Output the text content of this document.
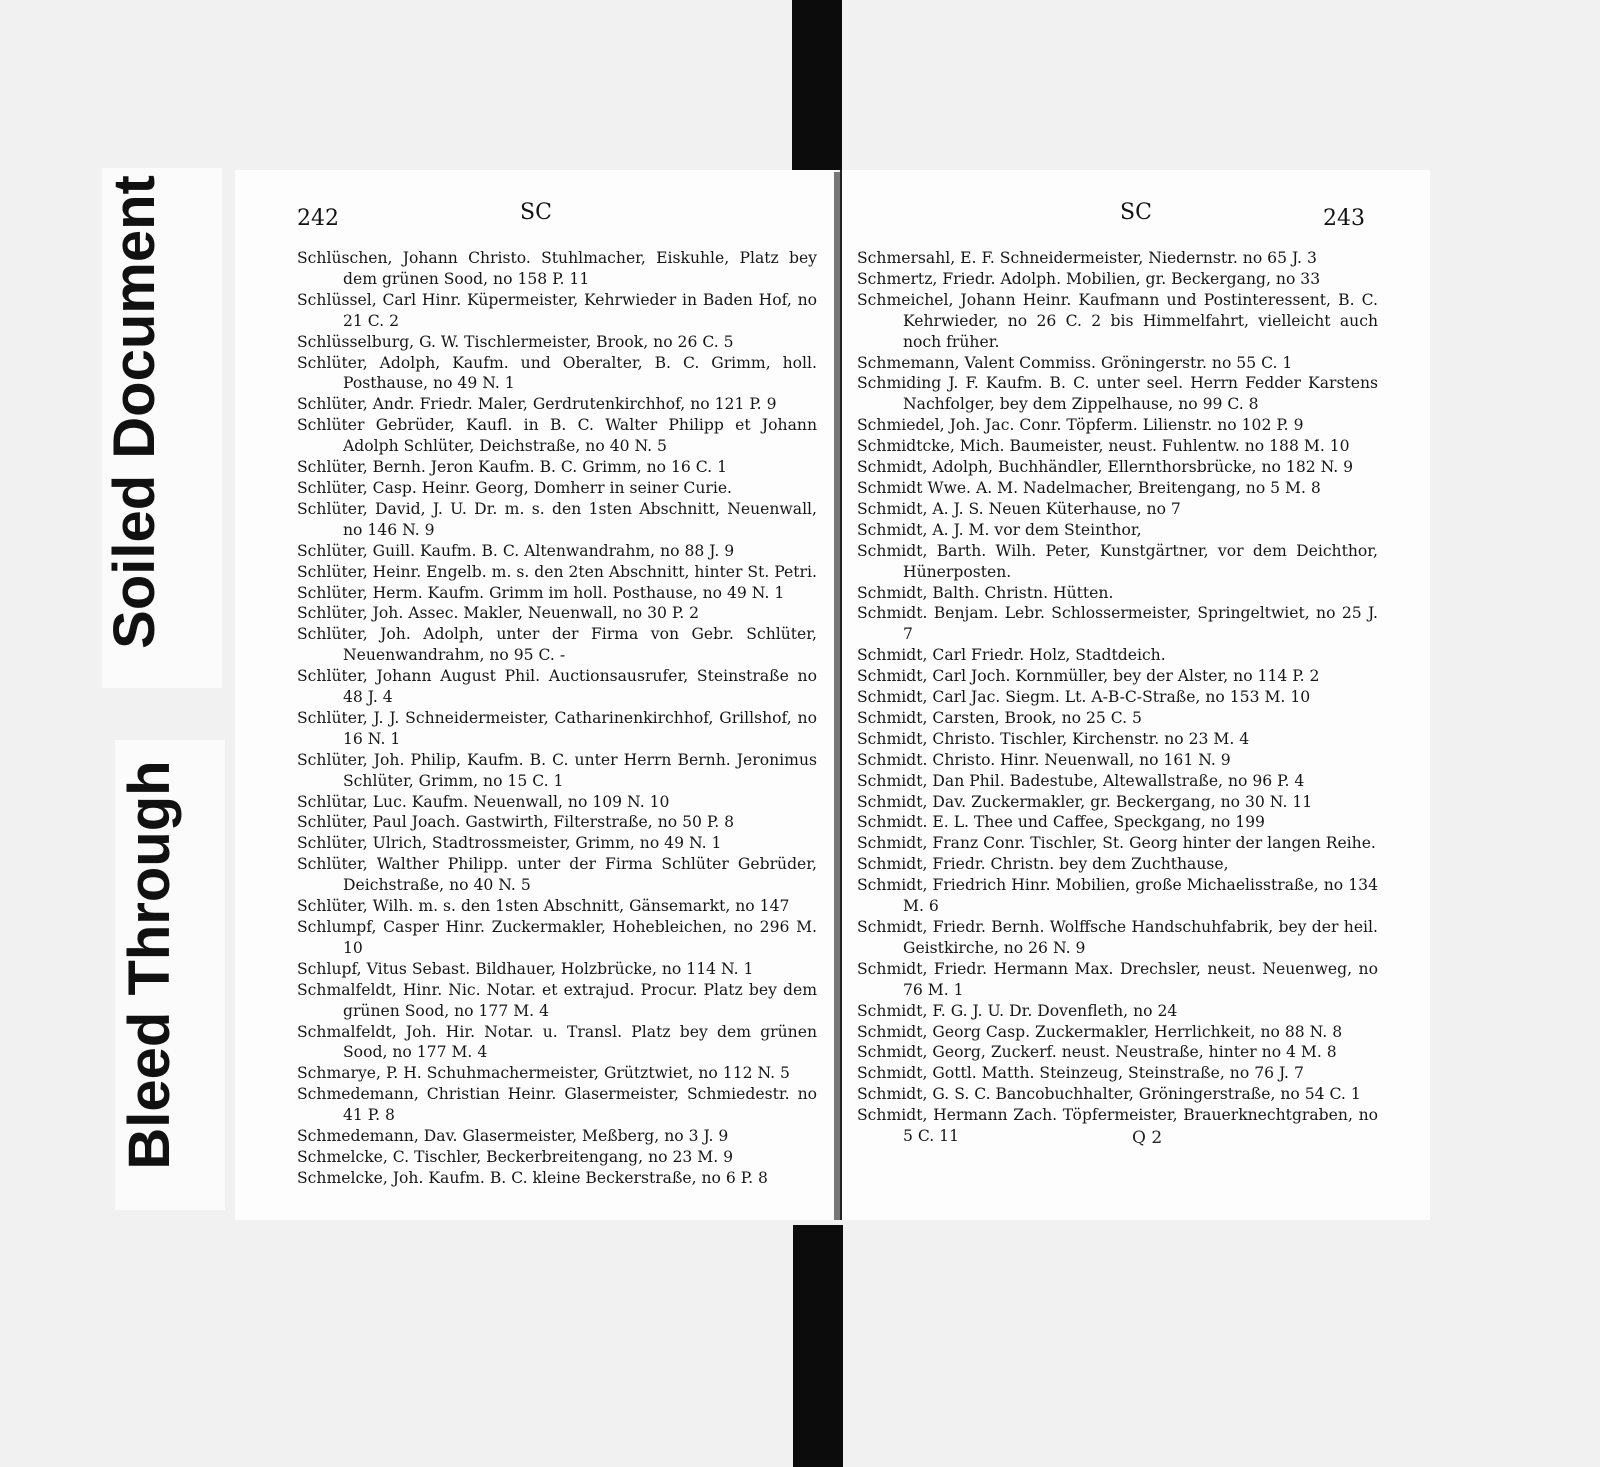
Soiled Document
Bleed Through
242	SC
Schlüschen, Johann Christo. Stuhlmacher, Eiskuhle, Platz bey dem grünen Sood, no 158 P. 11
Schlüssel, Carl Hinr. Küpermeister, Kehrwieder in Baden Hof, no 21 C. 2
Schlüsselburg, G. W. Tischlermeister, Brook, no 26 C. 5
Schlüter, Adolph, Kaufm. und Oberalter, B. C. Grimm, holl. Posthause, no 49 N. 1
Schlüter, Andr. Friedr. Maler, Gerdrutenkirchhof, no 121 P. 9
Schlüter Gebrüder, Kaufl. in B. C. Walter Philipp et Johann Adolph Schlüter, Deichstraße, no 40 N. 5
Schlüter, Bernh. Jeron Kaufm. B. C. Grimm, no 16 C. 1
Schlüter, Casp. Heinr. Georg, Domherr in seiner Curie.
Schlüter, David, J. U. Dr. m. s. den 1sten Abschnitt, Neuenwall, no 146 N. 9
Schlüter, Guill. Kaufm. B. C. Altenwandrahm, no 88 J. 9
Schlüter, Heinr. Engelb. m. s. den 2ten Abschnitt, hinter St. Petri.
Schlüter, Herm. Kaufm. Grimm im holl. Posthause, no 49 N. 1
Schlüter, Joh. Assec. Makler, Neuenwall, no 30 P. 2
Schlüter, Joh. Adolph, unter der Firma von Gebr. Schlüter, Neuenwandrahm, no 95 C. -
Schlüter, Johann August Phil. Auctionsausrufer, Steinstraße no 48 J. 4
Schlüter, J. J. Schneidermeister, Catharinenkirchhof, Grillshof, no 16 N. 1
Schlüter, Joh. Philip, Kaufm. B. C. unter Herrn Bernh. Jeronimus Schlüter, Grimm, no 15 C. 1
Schlütar, Luc. Kaufm. Neuenwall, no 109 N. 10
Schlüter, Paul Joach. Gastwirth, Filterstraße, no 50 P. 8
Schlüter, Ulrich, Stadtrossmeister, Grimm, no 49 N. 1
Schlüter, Walther Philipp. unter der Firma Schlüter Gebrüder, Deichstraße, no 40 N. 5
Schlüter, Wilh. m. s. den 1sten Abschnitt, Gänsemarkt, no 147
Schlumpf, Casper Hinr. Zuckermakler, Hohebleichen, no 296 M. 10
Schlupf, Vitus Sebast. Bildhauer, Holzbrücke, no 114 N. 1
Schmalfeldt, Hinr. Nic. Notar. et extrajud. Procur. Platz bey dem grünen Sood, no 177 M. 4
Schmalfeldt, Joh. Hir. Notar. u. Transl. Platz bey dem grünen Sood, no 177 M. 4
Schmarye, P. H. Schuhmachermeister, Grütztwiet, no 112 N. 5
Schmedemann, Christian Heinr. Glasermeister, Schmiedestr. no 41 P. 8
Schmedemann, Dav. Glasermeister, Meßberg, no 3 J. 9
Schmelcke, C. Tischler, Beckerbreitengang, no 23 M. 9
Schmelcke, Joh. Kaufm. B. C. kleine Beckerstraße, no 6 P. 8
SC	243
Schmersahl, E. F. Schneidermeister, Niedernstr. no 65 J. 3
Schmertz, Friedr. Adolph. Mobilien, gr. Beckergang, no 33
Schmeichel, Johann Heinr. Kaufmann und Postinteressent, B. C. Kehrwieder, no 26 C. 2 bis Himmelfahrt, vielleicht auch noch früher.
Schmemann, Valent Commiss. Gröningerstr. no 55 C. 1
Schmiding J. F. Kaufm. B. C. unter seel. Herrn Fedder Karstens Nachfolger, bey dem Zippelhause, no 99 C. 8
Schmiedel, Joh. Jac. Conr. Töpferm. Lilienstr. no 102 P. 9
Schmidtcke, Mich. Baumeister, neust. Fuhlentw. no 188 M. 10
Schmidt, Adolph, Buchhändler, Ellernthorsbrücke, no 182 N. 9
Schmidt Wwe. A. M. Nadelmacher, Breitengang, no 5 M. 8
Schmidt, A. J. S. Neuen Küterhause, no 7
Schmidt, A. J. M. vor dem Steinthor,
Schmidt, Barth. Wilh. Peter, Kunstgärtner, vor dem Deichthor, Hünerposten.
Schmidt, Balth. Christn. Hütten.
Schmidt. Benjam. Lebr. Schlossermeister, Springeltwiet, no 25 J. 7
Schmidt, Carl Friedr. Holz, Stadtdeich.
Schmidt, Carl Joch. Kornmüller, bey der Alster, no 114 P. 2
Schmidt, Carl Jac. Siegm. Lt. A-B-C-Straße, no 153 M. 10
Schmidt, Carsten, Brook, no 25 C. 5
Schmidt, Christo. Tischler, Kirchenstr. no 23 M. 4
Schmidt. Christo. Hinr. Neuenwall, no 161 N. 9
Schmidt, Dan Phil. Badestube, Altewallstraße, no 96 P. 4
Schmidt, Dav. Zuckermakler, gr. Beckergang, no 30 N. 11
Schmidt. E. L. Thee und Caffee, Speckgang, no 199
Schmidt, Franz Conr. Tischler, St. Georg hinter der langen Reihe.
Schmidt, Friedr. Christn. bey dem Zuchthause,
Schmidt, Friedrich Hinr. Mobilien, große Michaelisstraße, no 134 M. 6
Schmidt, Friedr. Bernh. Wolffsche Handschuhfabrik, bey der heil. Geistkirche, no 26 N. 9
Schmidt, Friedr. Hermann Max. Drechsler, neust. Neuenweg, no 76 M. 1
Schmidt, F. G. J. U. Dr. Dovenfleth, no 24
Schmidt, Georg Casp. Zuckermakler, Herrlichkeit, no 88 N. 8
Schmidt, Georg, Zuckerf. neust. Neustraße, hinter no 4 M. 8
Schmidt, Gottl. Matth. Steinzeug, Steinstraße, no 76 J. 7
Schmidt, G. S. C. Bancobuchhalter, Gröningerstraße, no 54 C. 1
Schmidt, Hermann Zach. Töpfermeister, Brauerknechtgraben, no 5 C. 11	Q 2
